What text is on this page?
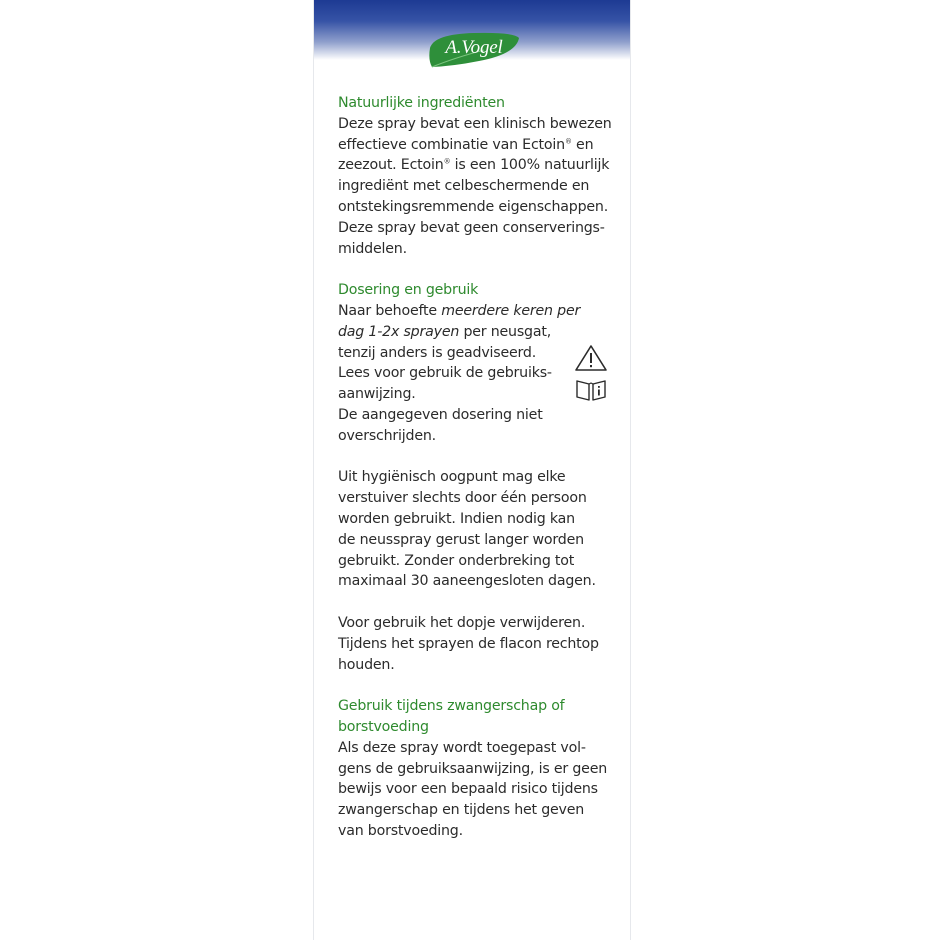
A.Vogel
Natuurlijke ingrediënten
Deze spray bevat een klinisch bewezen
effectieve combinatie van Ectoin® en
zeezout. Ectoin® is een 100% natuurlijk
ingrediënt met celbeschermende en
ontstekingsremmende eigenschappen.
Deze spray bevat geen conserverings-
middelen.
Dosering en gebruik
Naar behoefte meerdere keren per
dag 1-2x sprayen per neusgat,
tenzij anders is geadviseerd.
Lees voor gebruik de gebruiks-
aanwijzing.
De aangegeven dosering niet
overschrijden.
Uit hygiënisch oogpunt mag elke
verstuiver slechts door één persoon
worden gebruikt. Indien nodig kan
de neusspray gerust langer worden
gebruikt. Zonder onderbreking tot
maximaal 30 aaneengesloten dagen.
Voor gebruik het dopje verwijderen.
Tijdens het sprayen de flacon rechtop
houden.
Gebruik tijdens zwangerschap of
borstvoeding
Als deze spray wordt toegepast vol-
gens de gebruiksaanwijzing, is er geen
bewijs voor een bepaald risico tijdens
zwangerschap en tijdens het geven
van borstvoeding.
